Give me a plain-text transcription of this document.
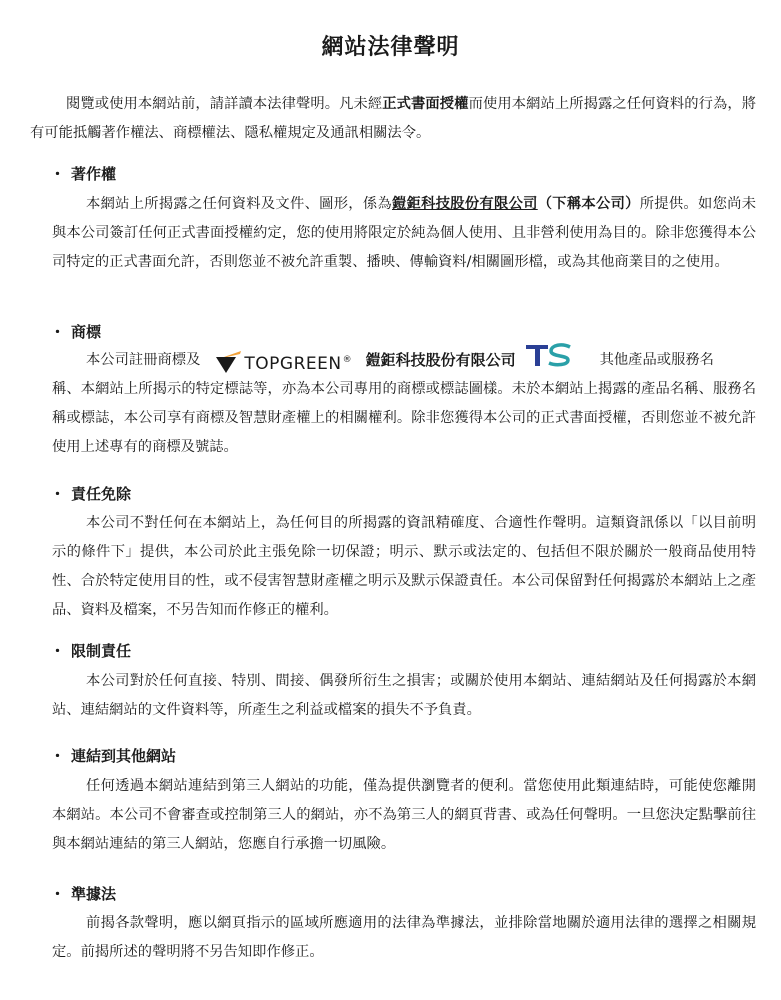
網站法律聲明

閱覽或使用本網站前，請詳讀本法律聲明。凡未經正式書面授權而使用本網站上所揭露之任何資料的行為，將有可能抵觸著作權法、商標權法、隱私權規定及通訊相關法令。

・ 著作權

本網站上所揭露之任何資料及文件、圖形，係為鎧鉅科技股份有限公司（下稱本公司）所提供。如您尚未與本公司簽訂任何正式書面授權約定，您的使用將限定於純為個人使用、且非營利使用為目的。除非您獲得本公司特定的正式書面允許，否則您並不被允許重製、播映、傳輸資料/相關圖形檔，或為其他商業目的之使用。

・ 商標
本公司註冊商標及	TOPGREEN ® 鎧鉅科技股份有限公司	其他產品或服務名
稱、本網站上所揭示的特定標誌等，亦為本公司專用的商標或標誌圖樣。未於本網站上揭露的產品名稱、服務名稱或標誌，本公司享有商標及智慧財產權上的相關權利。除非您獲得本公司的正式書面授權，否則您並不被允許使用上述專有的商標及號誌。
・ 責任免除

本公司不對任何在本網站上，為任何目的所揭露的資訊精確度、合適性作聲明。這類資訊係以「以目前明示的條件下」提供，本公司於此主張免除一切保證；明示、默示或法定的、包括但不限於關於一般商品使用特性、合於特定使用目的性，或不侵害智慧財產權之明示及默示保證責任。本公司保留對任何揭露於本網站上之產品、資料及檔案，不另告知而作修正的權利。

・ 限制責任

本公司對於任何直接、特別、間接、偶發所衍生之損害；或關於使用本網站、連結網站及任何揭露於本網站、連結網站的文件資料等，所產生之利益或檔案的損失不予負責。

・ 連結到其他網站

任何透過本網站連結到第三人網站的功能，僅為提供瀏覽者的便利。當您使用此類連結時，可能使您離開本網站。本公司不會審查或控制第三人的網站，亦不為第三人的網頁背書、或為任何聲明。一旦您決定點擊前往與本網站連結的第三人網站，您應自行承擔一切風險。

・ 準據法

前揭各款聲明，應以網頁指示的區域所應適用的法律為準據法，並排除當地關於適用法律的選擇之相關規定。前揭所述的聲明將不另告知即作修正。
